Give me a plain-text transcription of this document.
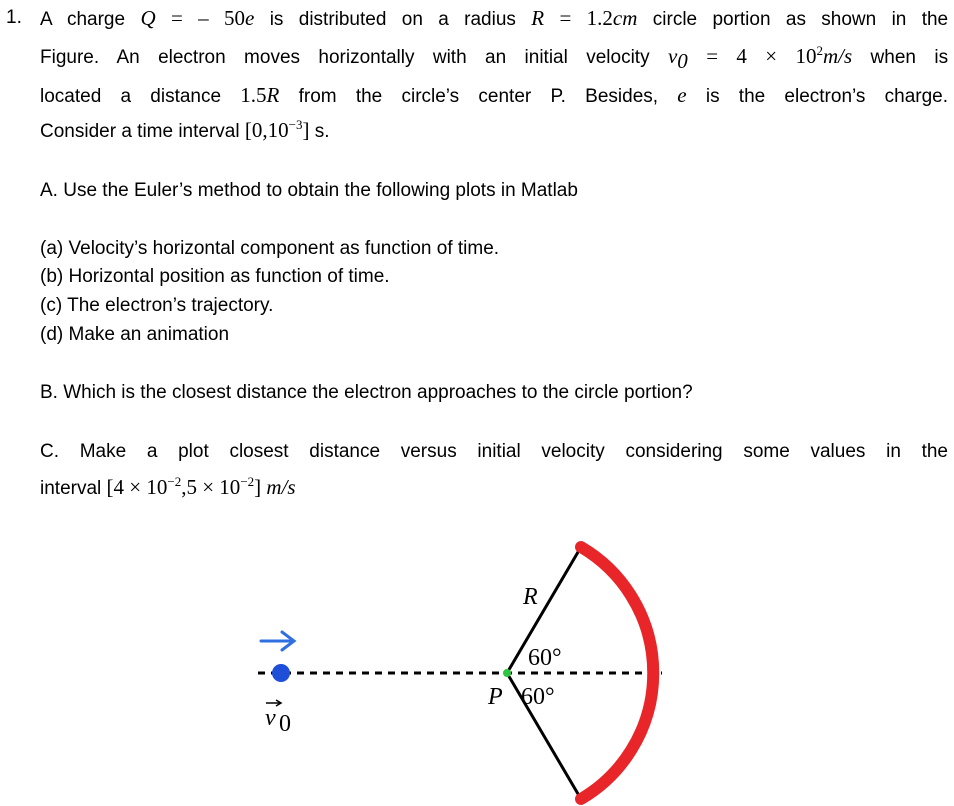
1. A charge Q = – 50e is distributed on a radius R = 1.2cm circle portion as shown in the
Figure. An electron moves horizontally with an initial velocity $v_0 = 4 \times 10^2m/s$ when is
located a distance 1.5R from the circle’s center P. Besides, e is the electron’s charge.
Consider a time interval $[0,10^{-3}]$ s.
A. Use the Euler’s method to obtain the following plots in Matlab
(a) Velocity’s horizontal component as function of time.
(b) Horizontal position as function of time.
(c) The electron’s trajectory.
(d) Make an animation
B. Which is the closest distance the electron approaches to the circle portion?
C. Make a plot closest distance versus initial velocity considering some values in the
interval $[4 \times 10^{-2},5 \times 10^{-2}]$ m/s
R
60°
60°
P
v 0
